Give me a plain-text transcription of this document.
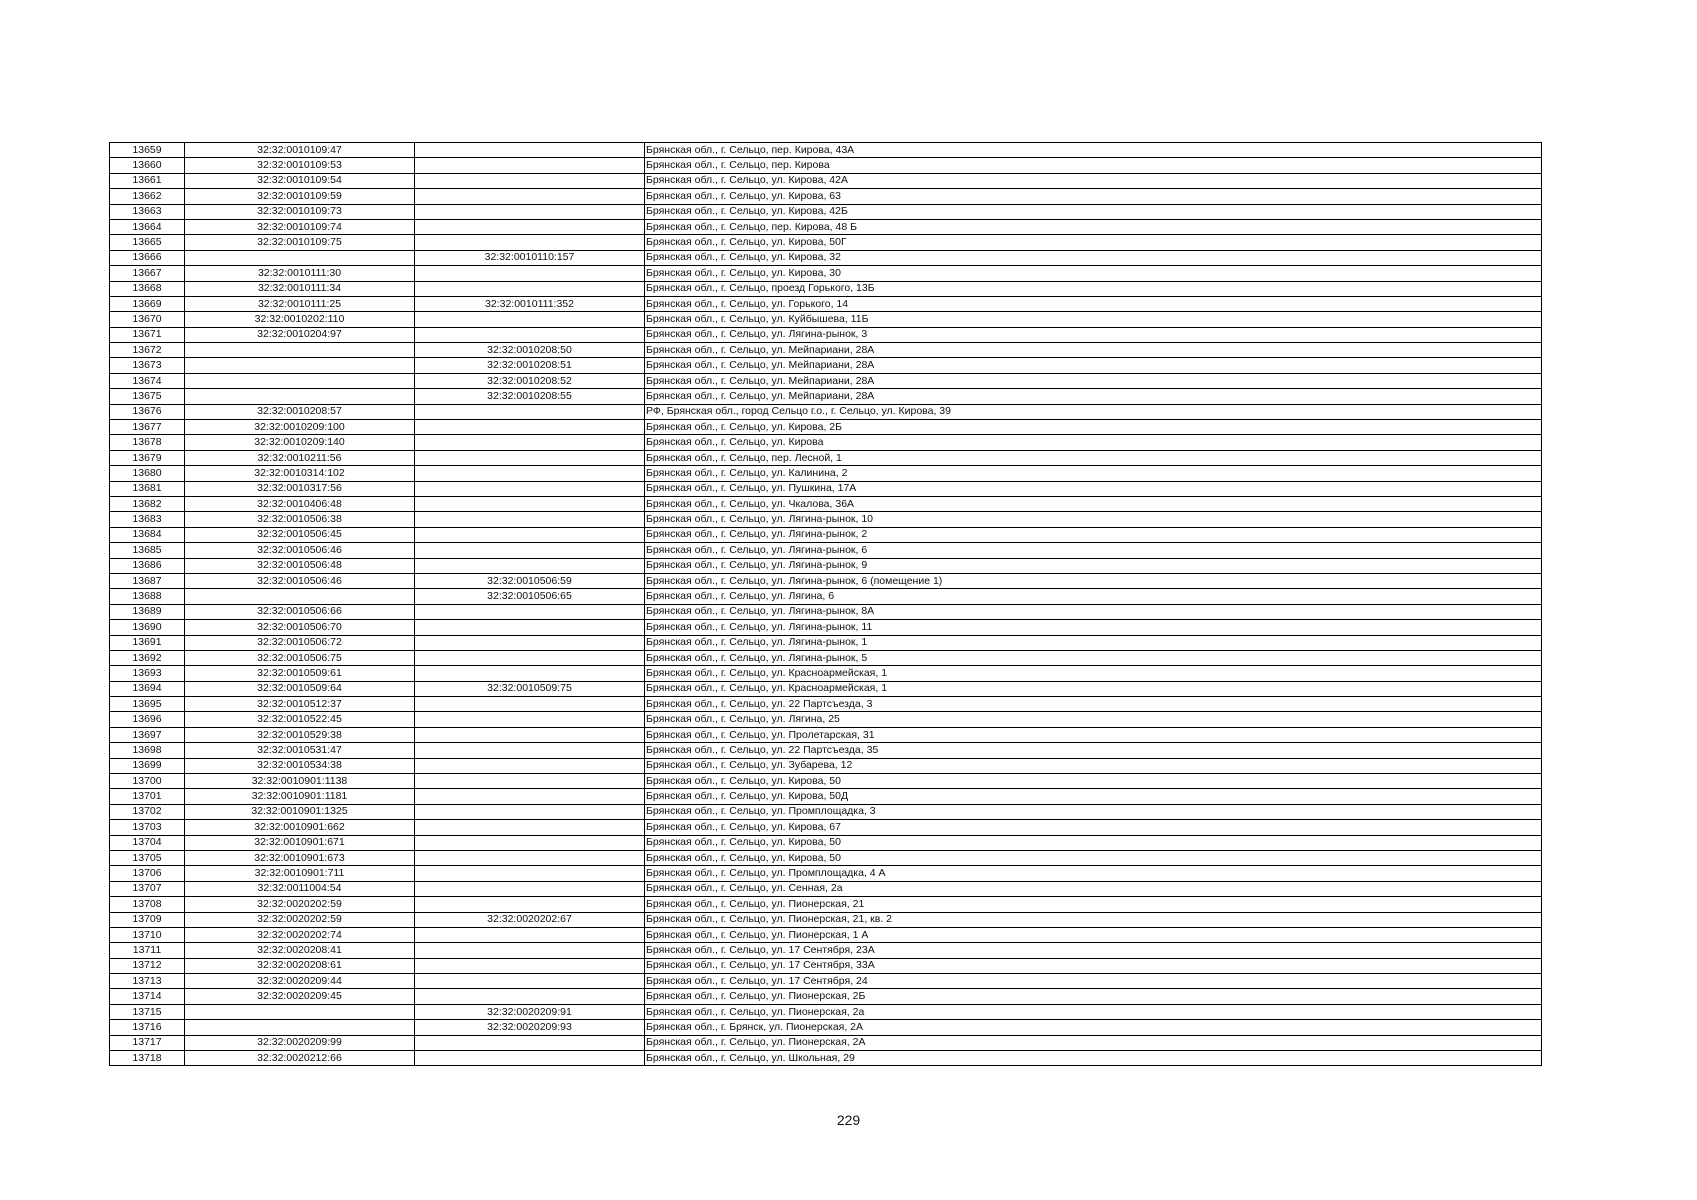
13659	32:32:0010109:47		Брянская обл., г. Сельцо, пер. Кирова, 43А
13660	32:32:0010109:53		Брянская обл., г. Сельцо, пер. Кирова
13661	32:32:0010109:54		Брянская обл., г. Сельцо, ул. Кирова, 42А
13662	32:32:0010109:59		Брянская обл., г. Сельцо, ул. Кирова, 63
13663	32:32:0010109:73		Брянская обл., г. Сельцо, ул. Кирова, 42Б
13664	32:32:0010109:74		Брянская обл., г. Сельцо, пер. Кирова, 48 Б
13665	32:32:0010109:75		Брянская обл., г. Сельцо, ул. Кирова, 50Г
13666		32:32:0010110:157	Брянская обл., г. Сельцо, ул. Кирова, 32
13667	32:32:0010111:30		Брянская обл., г. Сельцо, ул. Кирова, 30
13668	32:32:0010111:34		Брянская обл., г. Сельцо, проезд Горького, 13Б
13669	32:32:0010111:25	32:32:0010111:352	Брянская обл., г. Сельцо, ул. Горького, 14
13670	32:32:0010202:110		Брянская обл., г. Сельцо, ул. Куйбышева, 11Б
13671	32:32:0010204:97		Брянская обл., г. Сельцо, ул. Лягина-рынок, 3
13672		32:32:0010208:50	Брянская обл., г. Сельцо, ул. Мейпариани, 28А
13673		32:32:0010208:51	Брянская обл., г. Сельцо, ул. Мейпариани, 28А
13674		32:32:0010208:52	Брянская обл., г. Сельцо, ул. Мейпариани, 28А
13675		32:32:0010208:55	Брянская обл., г. Сельцо, ул. Мейпариани, 28А
13676	32:32:0010208:57		РФ, Брянская обл., город Сельцо г.о., г. Сельцо, ул. Кирова, 39
13677	32:32:0010209:100		Брянская обл., г. Сельцо, ул. Кирова, 2Б
13678	32:32:0010209:140		Брянская обл., г. Сельцо, ул. Кирова
13679	32:32:0010211:56		Брянская обл., г. Сельцо, пер. Лесной, 1
13680	32:32:0010314:102		Брянская обл., г. Сельцо, ул. Калинина, 2
13681	32:32:0010317:56		Брянская обл., г. Сельцо, ул. Пушкина, 17А
13682	32:32:0010406:48		Брянская обл., г. Сельцо, ул. Чкалова, 36А
13683	32:32:0010506:38		Брянская обл., г. Сельцо, ул. Лягина-рынок, 10
13684	32:32:0010506:45		Брянская обл., г. Сельцо, ул. Лягина-рынок, 2
13685	32:32:0010506:46		Брянская обл., г. Сельцо, ул. Лягина-рынок, 6
13686	32:32:0010506:48		Брянская обл., г. Сельцо, ул. Лягина-рынок, 9
13687	32:32:0010506:46	32:32:0010506:59	Брянская обл., г. Сельцо, ул. Лягина-рынок, 6 (помещение 1)
13688		32:32:0010506:65	Брянская обл., г. Сельцо, ул. Лягина, 6
13689	32:32:0010506:66		Брянская обл., г. Сельцо, ул. Лягина-рынок, 8А
13690	32:32:0010506:70		Брянская обл., г. Сельцо, ул. Лягина-рынок, 11
13691	32:32:0010506:72		Брянская обл., г. Сельцо, ул. Лягина-рынок, 1
13692	32:32:0010506:75		Брянская обл., г. Сельцо, ул. Лягина-рынок, 5
13693	32:32:0010509:61		Брянская обл., г. Сельцо, ул. Красноармейская, 1
13694	32:32:0010509:64	32:32:0010509:75	Брянская обл., г. Сельцо, ул. Красноармейская, 1
13695	32:32:0010512:37		Брянская обл., г. Сельцо, ул. 22 Партсъезда, 3
13696	32:32:0010522:45		Брянская обл., г. Сельцо, ул. Лягина, 25
13697	32:32:0010529:38		Брянская обл., г. Сельцо, ул. Пролетарская, 31
13698	32:32:0010531:47		Брянская обл., г. Сельцо, ул. 22 Партсъезда, 35
13699	32:32:0010534:38		Брянская обл., г. Сельцо, ул. Зубарева, 12
13700	32:32:0010901:1138		Брянская обл., г. Сельцо, ул. Кирова, 50
13701	32:32:0010901:1181		Брянская обл., г. Сельцо, ул. Кирова, 50Д
13702	32:32:0010901:1325		Брянская обл., г. Сельцо, ул. Промплощадка, 3
13703	32:32:0010901:662		Брянская обл., г. Сельцо, ул. Кирова, 67
13704	32:32:0010901:671		Брянская обл., г. Сельцо, ул. Кирова, 50
13705	32:32:0010901:673		Брянская обл., г. Сельцо, ул. Кирова, 50
13706	32:32:0010901:711		Брянская обл., г. Сельцо, ул. Промплощадка, 4 А
13707	32:32:0011004:54		Брянская обл., г. Сельцо, ул. Сенная, 2а
13708	32:32:0020202:59		Брянская обл., г. Сельцо, ул. Пионерская, 21
13709	32:32:0020202:59	32:32:0020202:67	Брянская обл., г. Сельцо, ул. Пионерская, 21, кв. 2
13710	32:32:0020202:74		Брянская обл., г. Сельцо, ул. Пионерская, 1 А
13711	32:32:0020208:41		Брянская обл., г. Сельцо, ул. 17 Сентября, 23А
13712	32:32:0020208:61		Брянская обл., г. Сельцо, ул. 17 Сентября, 33А
13713	32:32:0020209:44		Брянская обл., г. Сельцо, ул. 17 Сентября, 24
13714	32:32:0020209:45		Брянская обл., г. Сельцо, ул. Пионерская, 2Б
13715		32:32:0020209:91	Брянская обл., г. Сельцо, ул. Пионерская, 2а
13716		32:32:0020209:93	Брянская обл., г. Брянск, ул. Пионерская, 2А
13717	32:32:0020209:99		Брянская обл., г. Сельцо, ул. Пионерская, 2А
13718	32:32:0020212:66		Брянская обл., г. Сельцо, ул. Школьная, 29
229
